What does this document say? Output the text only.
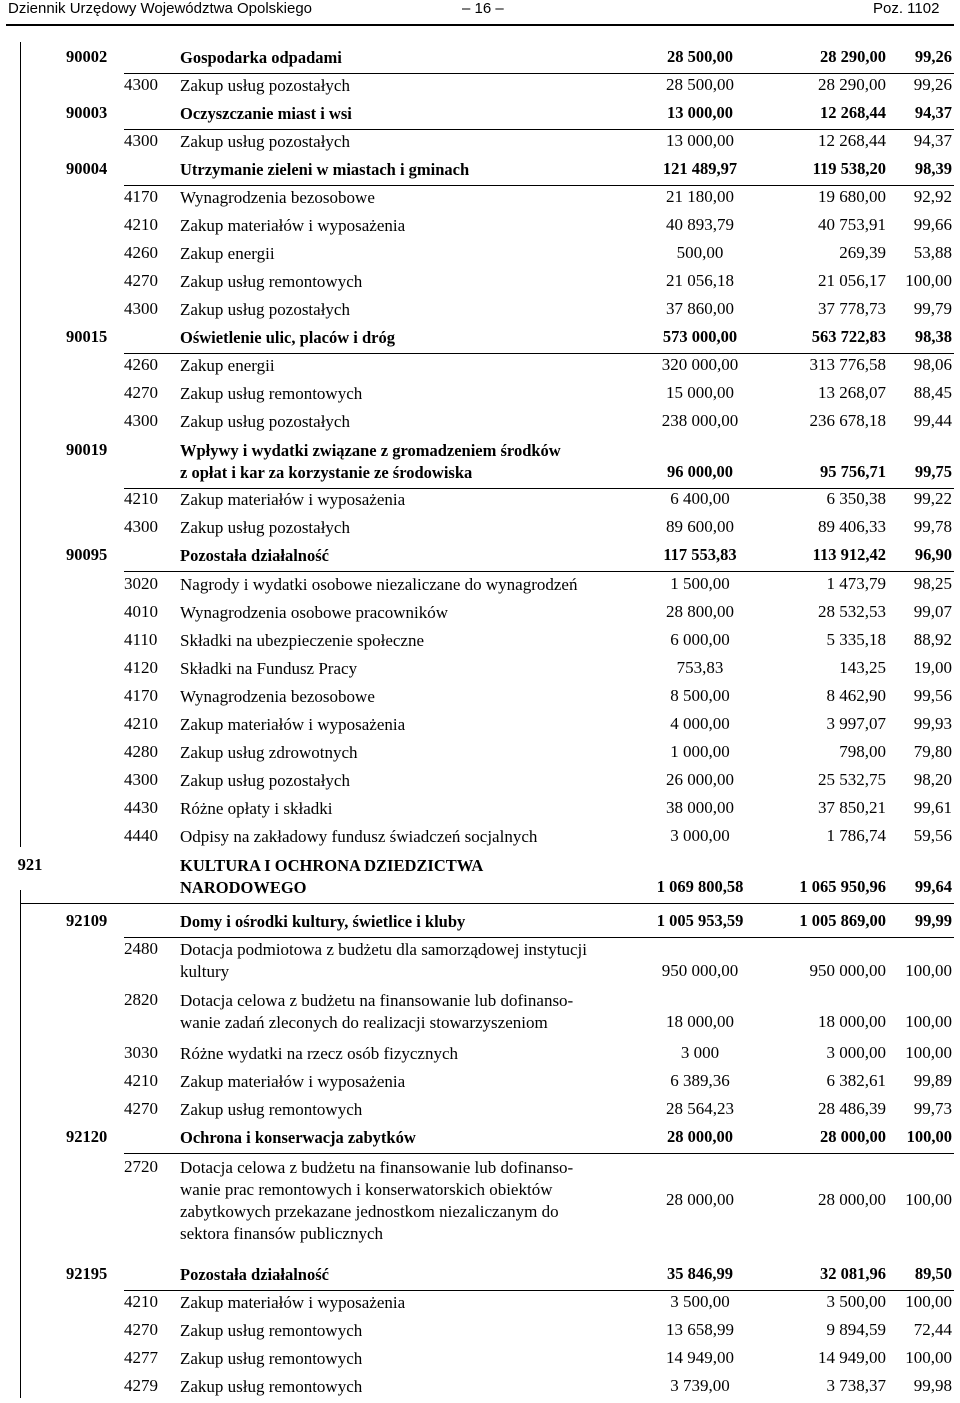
Dziennik Urzędowy Województwa Opolskiego	– 16 –	Poz. 1102
90002	Gospodarka odpadami	28 500,00	28 290,00	99,26
4300	Zakup usług pozostałych	28 500,00	28 290,00	99,26
90003	Oczyszczanie miast i wsi	13 000,00	12 268,44	94,37
4300	Zakup usług pozostałych	13 000,00	12 268,44	94,37
90004	Utrzymanie zieleni w miastach i gminach	121 489,97	119 538,20	98,39
4170	Wynagrodzenia bezosobowe	21 180,00	19 680,00	92,92
4210	Zakup materiałów i wyposażenia	40 893,79	40 753,91	99,66
4260	Zakup energii	500,00	269,39	53,88
4270	Zakup usług remontowych	21 056,18	21 056,17	100,00
4300	Zakup usług pozostałych	37 860,00	37 778,73	99,79
90015	Oświetlenie ulic, placów i dróg	573 000,00	563 722,83	98,38
4260	Zakup energii	320 000,00	313 776,58	98,06
4270	Zakup usług remontowych	15 000,00	13 268,07	88,45
4300	Zakup usług pozostałych	238 000,00	236 678,18	99,44
90019	Wpływy i wydatki związane z gromadzeniem środków
z opłat i kar za korzystanie ze środowiska	96 000,00	95 756,71	99,75
4210	Zakup materiałów i wyposażenia	6 400,00	6 350,38	99,22
4300	Zakup usług pozostałych	89 600,00	89 406,33	99,78
90095	Pozostała działalność	117 553,83	113 912,42	96,90
3020	Nagrody i wydatki osobowe niezaliczane do wynagrodzeń	1 500,00	1 473,79	98,25
4010	Wynagrodzenia osobowe pracowników	28 800,00	28 532,53	99,07
4110	Składki na ubezpieczenie społeczne	6 000,00	5 335,18	88,92
4120	Składki na Fundusz Pracy	753,83	143,25	19,00
4170	Wynagrodzenia bezosobowe	8 500,00	8 462,90	99,56
4210	Zakup materiałów i wyposażenia	4 000,00	3 997,07	99,93
4280	Zakup usług zdrowotnych	1 000,00	798,00	79,80
4300	Zakup usług pozostałych	26 000,00	25 532,75	98,20
4430	Różne opłaty i składki	38 000,00	37 850,21	99,61
4440	Odpisy na zakładowy fundusz świadczeń socjalnych	3 000,00	1 786,74	59,56
921	KULTURA I OCHRONA DZIEDZICTWA
NARODOWEGO	1 069 800,58	1 065 950,96	99,64
92109	Domy i ośrodki kultury, świetlice i kluby	1 005 953,59	1 005 869,00	99,99
2480	Dotacja podmiotowa z budżetu dla samorządowej instytucji
kultury	950 000,00	950 000,00	100,00
2820	Dotacja celowa z budżetu na finansowanie lub dofinanso-
wanie zadań zleconych do realizacji stowarzyszeniom	18 000,00	18 000,00	100,00
3030	Różne wydatki na rzecz osób fizycznych	3 000	3 000,00	100,00
4210	Zakup materiałów i wyposażenia	6 389,36	6 382,61	99,89
4270	Zakup usług remontowych	28 564,23	28 486,39	99,73
92120	Ochrona i konserwacja zabytków	28 000,00	28 000,00	100,00
2720	Dotacja celowa z budżetu na finansowanie lub dofinanso-
wanie prac remontowych i konserwatorskich obiektów
zabytkowych przekazane jednostkom niezaliczanym do
sektora finansów publicznych
28 000,00	28 000,00	100,00
92195	Pozostała działalność	35 846,99	32 081,96	89,50
4210	Zakup materiałów i wyposażenia	3 500,00	3 500,00	100,00
4270	Zakup usług remontowych	13 658,99	9 894,59	72,44
4277	Zakup usług remontowych	14 949,00	14 949,00	100,00
4279	Zakup usług remontowych	3 739,00	3 738,37	99,98
